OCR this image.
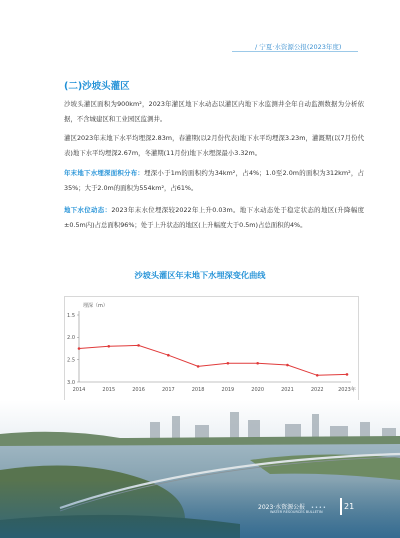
/ 宁夏·水资源公报(2023年度)
(二)沙坡头灌区
沙坡头灌区面积为900km²，2023年灌区地下水动态以灌区内地下水监测井全年自动监测数据为分析依据，不含城建区和工业园区监测井。
灌区2023年末地下水平均埋深2.83m，春灌期(以2月份代表)地下水平均埋深3.23m，灌溉期(以7月份代表)地下水平均埋深2.67m，冬灌期(11月份)地下水埋深最小3.32m。
年末地下水埋深面积分布：埋深小于1m的面积约为34km²，占4%；1.0至2.0m的面积为312km²，占35%；大于2.0m的面积为554km²，占61%。
地下水位动态：2023年末水位埋深较2022年上升0.03m。地下水动态处于稳定状态的地区(升降幅度±0.5m内)占总面积96%；处于上升状态的地区(上升幅度大于0.5m)占总面积的4%。
沙坡头灌区年末地下水埋深变化曲线
埋深（m）
1.5
2.0
2.5
3.0
2014	2015	2016	2017	2018	2019	2020	2021	2022	2023年
••••
2023·水资源公报
WATER RESOURCES BULLETIN
21
